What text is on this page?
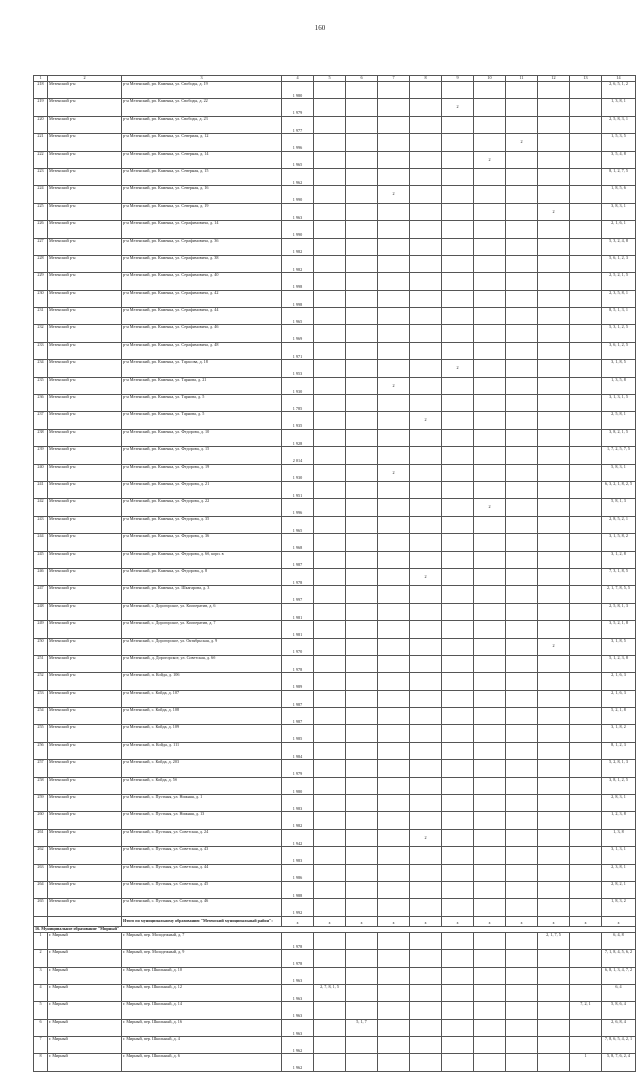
160
1	2	3	4	5	6	7	8	9	10	11	12	13	14
218	Мезенский р-н	р-н Мезенский, рп. Каменка, ул. Свободы, д. 19	1 980										2, 6, 5, 1, 2
219	Мезенский р-н	р-н Мезенский, рп. Каменка, ул. Свободы, д. 22	1 979					2					1, 3, 8, 1
220	Мезенский р-н	р-н Мезенский, рп. Каменка, ул. Свободы, д. 23	1 977										2, 5, 8, 3, 1
221	Мезенский р-н	р-н Мезенский, рп. Каменка, ул. Севериая, д. 12	1 996							2			1, 5, 3, 5
222	Мезенский р-н	р-н Мезенский, рп. Каменка, ул. Северная, д. 14	1 965						2				3, 5, 4, 8
223	Мезенский р-н	р-н Мезенский, рп. Каменка, ул. Северная, д. 15	1 962										8, 1, 2, 7, 5
224	Мезенский р-н	р-н Мезенский, рп. Каменка, ул. Северная, д. 16	1 990			2							1, 8, 5, 6
225	Мезенский р-н	р-н Мезенский, рп. Каменка, ул. Северная, д. 19	1 963								2		3, 8, 3, 1
226	Мезенский р-н	р-н Мезенский, рп. Каменка, ул. Серафимовича, д. 14	1 990										2, 1, 6, 1
227	Мезенский р-н	р-н Мезенский, рп. Каменка, ул. Серафимовича, д. 36	1 982										5, 3, 2, 4, 8
228	Мезенский р-н	р-н Мезенский, рп. Каменка, ул. Серафимовича, д. 38	1 982										5, 6, 1, 2, 3
229	Мезенский р-н	р-н Мезенский, рп. Каменка, ул. Серафимовича, д. 40	1 998										2, 5, 2, 1, 5
230	Мезенский р-н	р-н Мезенский, рп. Каменка, ул. Серафимовича, д. 42	1 998										2, 3, 5, 8, 1
231	Мезенский р-н	р-н Мезенский, рп. Каменка, ул. Серафимовича, д. 44	1 965										8, 5, 1, 3, 1
232	Мезенский р-н	р-н Мезенский, рп. Каменка, ул. Серафимовича, д. 46	1 969										5, 3, 1, 2, 5
233	Мезенский р-н	р-н Мезенский, рп. Каменка, ул. Серафимовича, д. 48	1 971										3, 6, 1, 2, 5
234	Мезенский р-н	р-н Мезенский, рп. Каменка, ул. Тарасова, д. 18	1 953					2					3, 1, 8, 5
235	Мезенский р-н	р-н Мезенский, рп. Каменка, ул. Тарнова, д. 21	1 930			2							1, 3, 5, 8
236	Мезенский р-н	р-н Мезенский, рп. Каменка, ул. Тарнова, д. 5	1 785										3, 1, 3, 1, 5
237	Мезенский р-н	р-н Мезенский, рп. Каменка, ул. Тарнова, д. 5	1 935				2						2, 5, 8, 1
238	Мезенский р-н	р-н Мезенский, рп. Каменка, ул. Федорова, д. 10	1 928										3, 8, 2, 1, 5
239	Мезенский р-н	р-н Мезенский, рп. Каменка, ул. Федорова, д. 15	2 014										1, 7, 2, 5, 7, 5
240	Мезенский р-н	р-н Мезенский, рп. Каменка, ул. Федорова, д. 19	1 930			2							5, 8, 3, 1
241	Мезенский р-н	р-н Мезенский, рп. Каменка, ул. Федорова, д. 21	1 951										6, 3, 2, 1, 8, 2, 5
242	Мезенский р-н	р-н Мезенский, рп. Каменка, ул. Федорова, д. 22	1 996						2				5, 8, 1, 3
243	Мезенский р-н	р-н Мезенский, рп. Каменка, ул. Федорова, д. 35	1 965										2, 8, 5, 2, 1
244	Мезенский р-н	р-н Мезенский, рп. Каменка, ул. Федорова, д. 36	1 968										3, 1, 5, 8, 2
245	Мезенский р-н	р-н Мезенский, рп. Каменка, ул. Федорова, д. 6б, корп. в	1 987										3, 1, 2, 8
246	Мезенский р-н	р-н Мезенский, рп. Каменка, ул. Федорова, д. 8	1 978				2						7, 3, 1, 8, 5
247	Мезенский р-н	р-н Мезенский, рп. Каменка, ул. Шкагарова, д. 3	1 997										2, 1, 7, 8, 5, 5
248	Мезенский р-н	р-н Мезенский, с. Дорогорское, ул. Кооператив, д. 6	1 981										2, 5, 8, 1, 3
249	Мезенский р-н	р-н Мезенский, с. Дорогорское, ул. Кооператив, д. 7	1 981										3, 5, 2, 1, 8
250	Мезенский р-н	р-н Мезенский, с. Дорогорское, ул. Октябрьская, д. 9	1 970								2		3, 1, 8, 5
251	Мезенский р-н	р-н Мезенский, д. Дорогорское, ул. Советская, д. 6б	1 978										5, 1, 2, 3, 8
252	Мезенский р-н	р-н Мезенский, п. Койда, д. 106	1 989										2, 1, 6, 3
253	Мезенский р-н	р-н Мезенский, с. Койда, д. 107	1 987										2, 1, 6, 3
254	Мезенский р-н	р-н Мезенский, с. Койда, д. 108	1 987										5, 2, 1, 8
255	Мезенский р-н	р-н Мезенский, с. Койда, д. 109	1 985										3, 1, 8, 2
256	Мезенский р-н	р-н Мезенский, п. Койда, д. 111	1 984										8, 1, 2, 3
257	Мезенский р-н	р-н Мезенский, с. Койда, д. 203	1 979										5, 2, 8, 1, 3
258	Мезенский р-н	р-н Мезенский, с. Койда, д. 5б	1 980										3, 8, 1, 2, 5
259	Мезенский р-н	р-н Мезенский, с. Пустыня, ул. Нижняя, д. 1	1 983										2, 8, 3, 1
260	Мезенский р-н	р-н Мезенский, с. Пустыня, ул. Нижняя, д. 13	1 982										1, 2, 3, 8
261	Мезенский р-н	р-н Мезенский, с. Пустыня, ул. Советская, д. 24	1 942				2						1, 3, 8
262	Мезенский р-н	р-н Мезенский, с. Пустыня, ул. Советская, д. 43	1 983										3, 1, 3, 1
263	Мезенский р-н	р-н Мезенский, с. Пустыня, ул. Советская, д. 44	1 986										2, 3, 8, 1
264	Мезенский р-н	р-н Мезенский, с. Пустыня, ул. Советская, д. 45	1 988										2, 8, 2, 1
265	Мезенский р-н	р-н Мезенский, с. Пустыня, ул. Советская, д. 46	1 992										1, 8, 3, 2
		Итого по муниципальному образованию "Мезенский муниципальный район":	х	х	х	х	х	х	х	х	х	х	х
16. Муниципальное образование "Мирный"													
1	г. Мирный	г. Мирный, пер. Молодежный, д. 7	1 978								2, 1, 7, 5		6, 4, 8
2	г. Мирный	г. Мирный, пер. Молодежный, д. 9	1 978										7, 1, 8, 4, 5, 6, 2
3	г. Мирный	г. Мирный, пер. Школьный, д. 10	1 963										6, 8, 1, 3, 4, 7, 2
4	г. Мирный	г. Мирный, пер. Школьный, д. 12	1 963	2, 7, 8, 1, 5									6, 4
5	г. Мирный	г. Мирный, пер. Школьный, д. 14	1 963									7, 2, 1	5, 8, 6, 4
6	г. Мирный	г. Мирный, пер. Школьный, д. 16	1 963		5, 1, 7								2, 6, 8, 4
7	г. Мирный	г. Мирный, пер. Школьный, д. 4	1 962										7, 8, 6, 5, 4, 2, 1
8	г. Мирный	г. Мирный, пер. Школьный, д. 6	1 962									1	5, 8, 7, 6, 2, 4
